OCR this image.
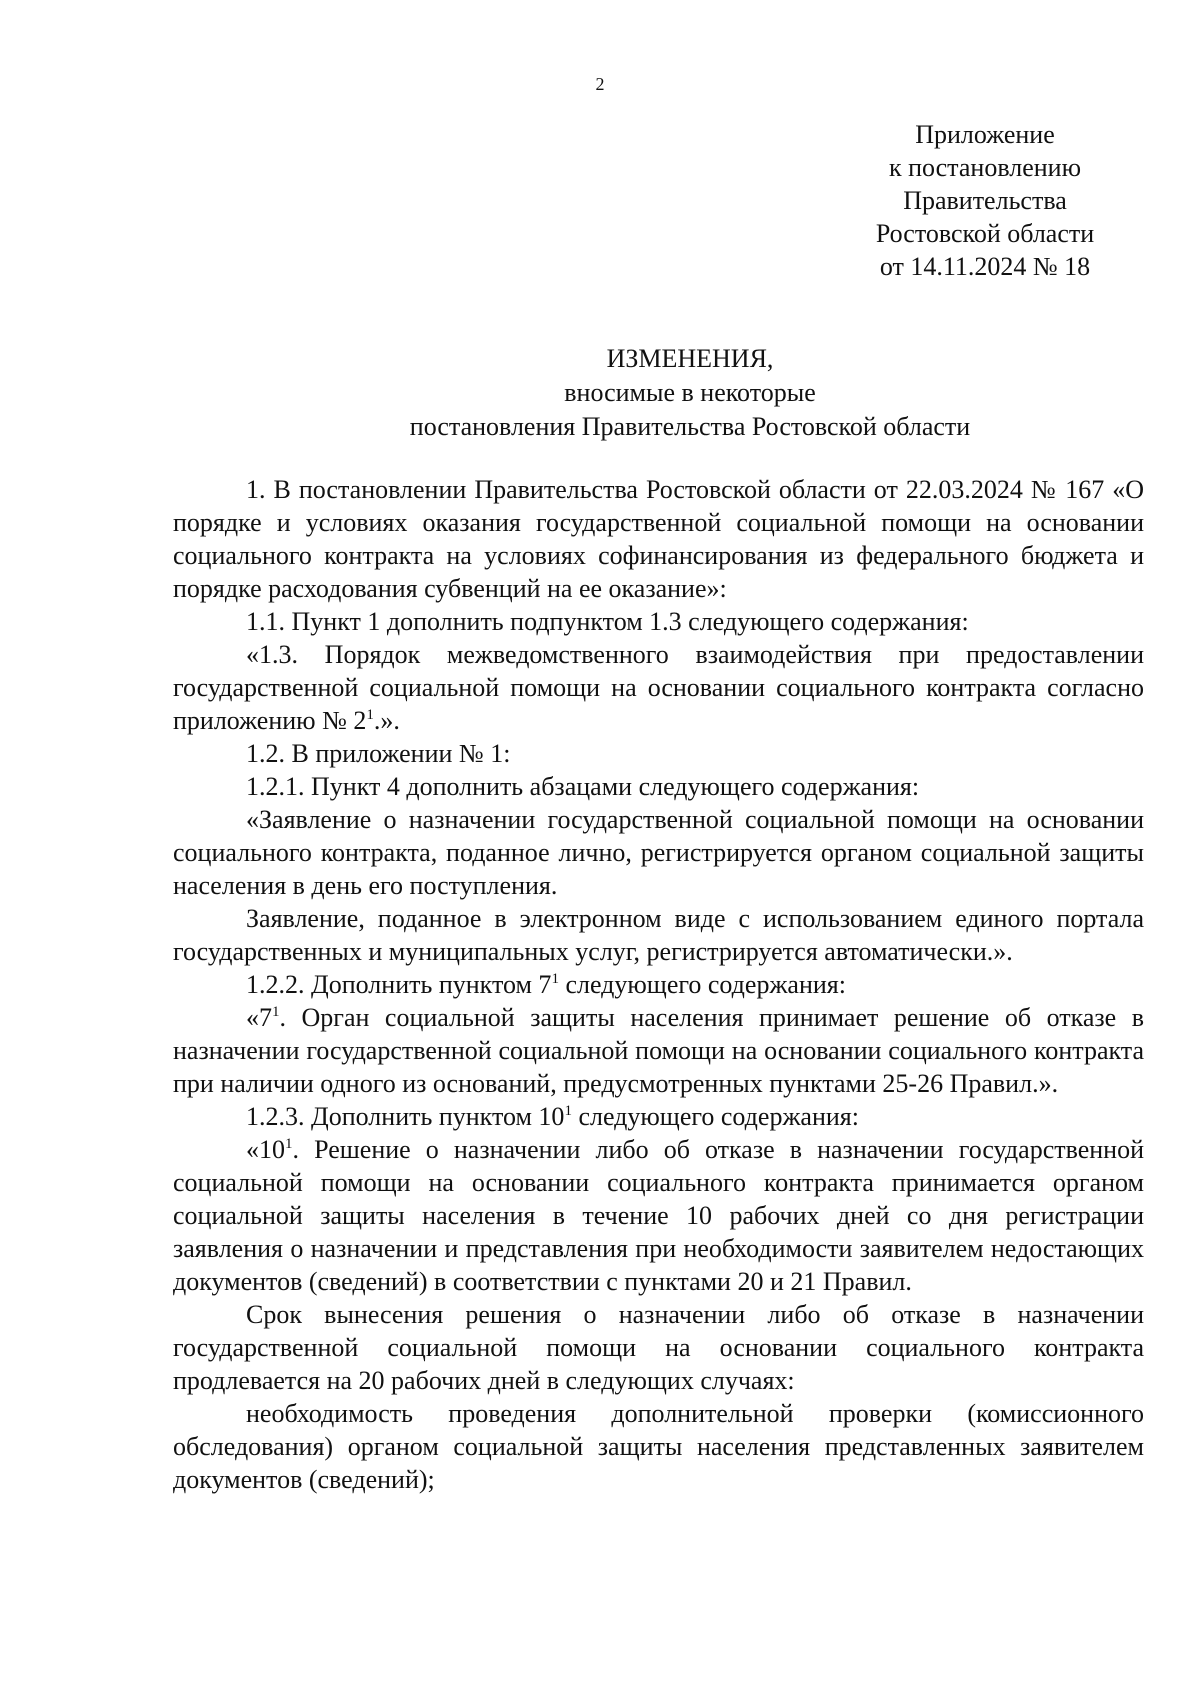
2
Приложение
к постановлению
Правительства
Ростовской области
от 14.11.2024 № 18
ИЗМЕНЕНИЯ,
вносимые в некоторые
постановления Правительства Ростовской области

1. В постановлении Правительства Ростовской области от 22.03.2024 № 167 «О порядке и условиях оказания государственной социальной помощи на основании социального контракта на условиях софинансирования из федерального бюджета и порядке расходования субвенций на ее оказание»:

1.1. Пункт 1 дополнить подпунктом 1.3 следующего содержания:

«1.3. Порядок межведомственного взаимодействия при предоставлении государственной социальной помощи на основании социального контракта согласно приложению № $2^1$.».

1.2. В приложении № 1:

1.2.1. Пункт 4 дополнить абзацами следующего содержания:

«Заявление о назначении государственной социальной помощи на основании социального контракта, поданное лично, регистрируется органом социальной защиты населения в день его поступления.

Заявление, поданное в электронном виде с использованием единого портала государственных и муниципальных услуг, регистрируется автоматически.».

1.2.2. Дополнить пунктом $7^1$ следующего содержания:

«$7^1$. Орган социальной защиты населения принимает решение об отказе в назначении государственной социальной помощи на основании социального контракта при наличии одного из оснований, предусмотренных пунктами 25-26 Правил.».

1.2.3. Дополнить пунктом $10^1$ следующего содержания:

«$10^1$. Решение о назначении либо об отказе в назначении государственной социальной помощи на основании социального контракта принимается органом социальной защиты населения в течение 10 рабочих дней со дня регистрации заявления о назначении и представления при необходимости заявителем недостающих документов (сведений) в соответствии с пунктами 20 и 21 Правил.

Срок вынесения решения о назначении либо об отказе в назначении государственной социальной помощи на основании социального контракта продлевается на 20 рабочих дней в следующих случаях:

необходимость проведения дополнительной проверки (комиссионного обследования) органом социальной защиты населения представленных заявителем документов (сведений);
